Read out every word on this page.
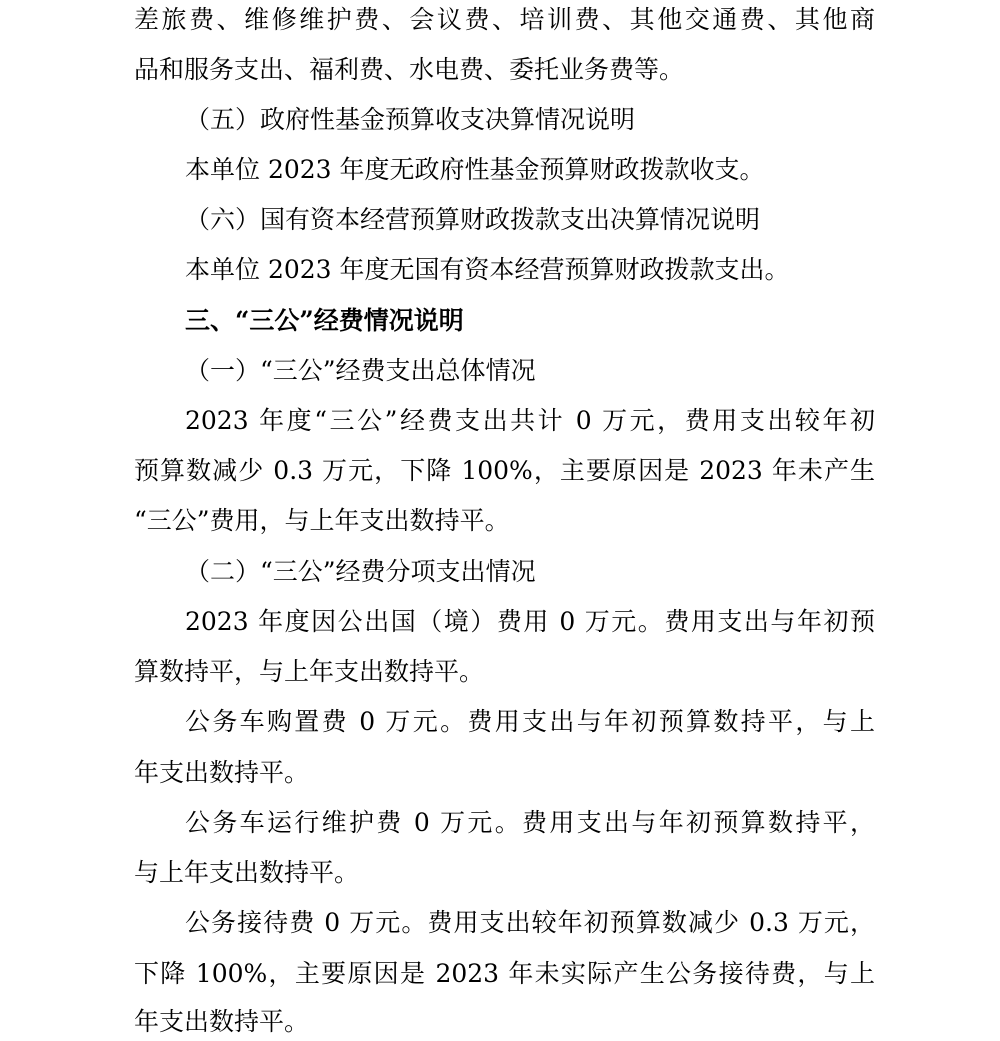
差旅费、维修维护费、会议费、培训费、其他交通费、其他商

品和服务支出、福利费、水电费、委托业务费等。

（五）政府性基金预算收支决算情况说明

本单位 2023 年度无政府性基金预算财政拨款收支。

（六）国有资本经营预算财政拨款支出决算情况说明

本单位 2023 年度无国有资本经营预算财政拨款支出。

三、“三公”经费情况说明

（一）“三公”经费支出总体情况

2023 年度“三公”经费支出共计 0 万元，费用支出较年初

预算数减少 0.3 万元，下降 100%，主要原因是 2023 年未产生

“三公”费用，与上年支出数持平。

（二）“三公”经费分项支出情况

2023 年度因公出国（境）费用 0 万元。费用支出与年初预

算数持平，与上年支出数持平。

公务车购置费 0 万元。费用支出与年初预算数持平，与上

年支出数持平。

公务车运行维护费 0 万元。费用支出与年初预算数持平，

与上年支出数持平。

公务接待费 0 万元。费用支出较年初预算数减少 0.3 万元，

下降 100%，主要原因是 2023 年未实际产生公务接待费，与上

年支出数持平。
